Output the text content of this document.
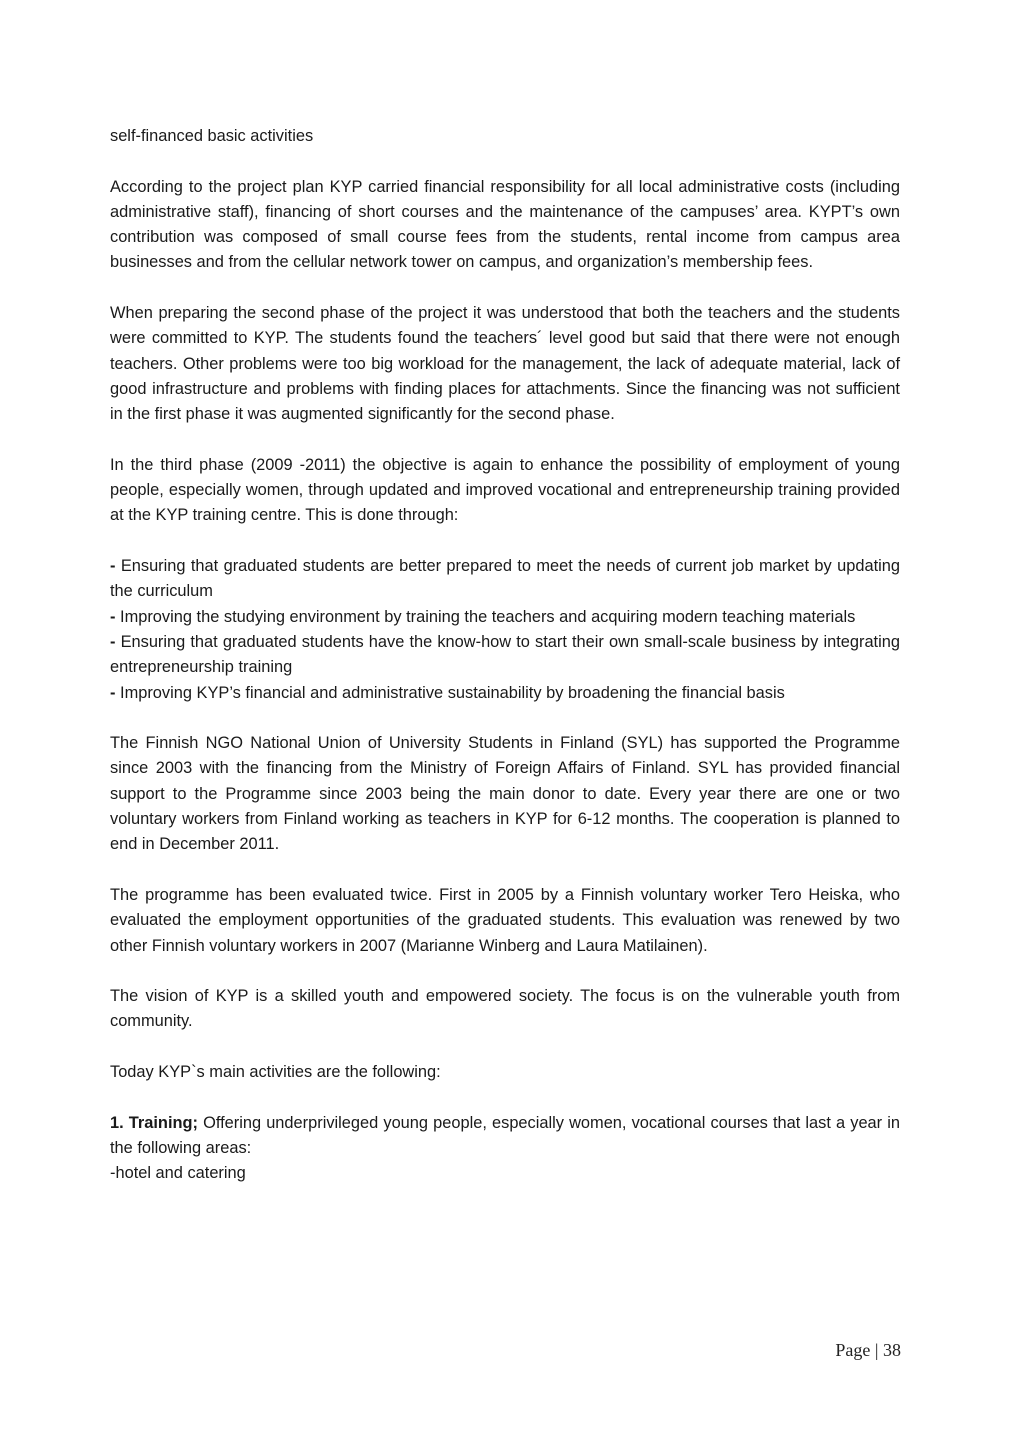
self-financed basic activities

According to the project plan KYP carried financial responsibility for all local administrative costs (including administrative staff), financing of short courses and the maintenance of the campuses’ area. KYPT’s own contribution was composed of small course fees from the students, rental income from campus area businesses and from the cellular network tower on campus, and organization’s membership fees.

When preparing the second phase of the project it was understood that both the teachers and the students were committed to KYP. The students found the teachers´ level good but said that there were not enough teachers. Other problems were too big workload for the management, the lack of adequate material, lack of good infrastructure and problems with finding places for attachments. Since the financing was not sufficient in the first phase it was augmented significantly for the second phase.

In the third phase (2009 -2011) the objective is again to enhance the possibility of employment of young people, especially women, through updated and improved vocational and entrepreneurship training provided at the KYP training centre. This is done through:

- Ensuring that graduated students are better prepared to meet the needs of current job market by updating the curriculum
- Improving the studying environment by training the teachers and acquiring modern teaching materials
- Ensuring that graduated students have the know-how to start their own small-scale business by integrating entrepreneurship training
- Improving KYP’s financial and administrative sustainability by broadening the financial basis

The Finnish NGO National Union of University Students in Finland (SYL) has supported the Programme since 2003 with the financing from the Ministry of Foreign Affairs of Finland. SYL has provided financial support to the Programme since 2003 being the main donor to date. Every year there are one or two voluntary workers from Finland working as teachers in KYP for 6-12 months. The cooperation is planned to end in December 2011.

The programme has been evaluated twice. First in 2005 by a Finnish voluntary worker Tero Heiska, who evaluated the employment opportunities of the graduated students. This evaluation was renewed by two other Finnish voluntary workers in 2007 (Marianne Winberg and Laura Matilainen).

The vision of KYP is a skilled youth and empowered society. The focus is on the vulnerable youth from community.

Today KYP`s main activities are the following:

1. Training; Offering underprivileged young people, especially women, vocational courses that last a year in the following areas:
-hotel and catering
Page | 38
